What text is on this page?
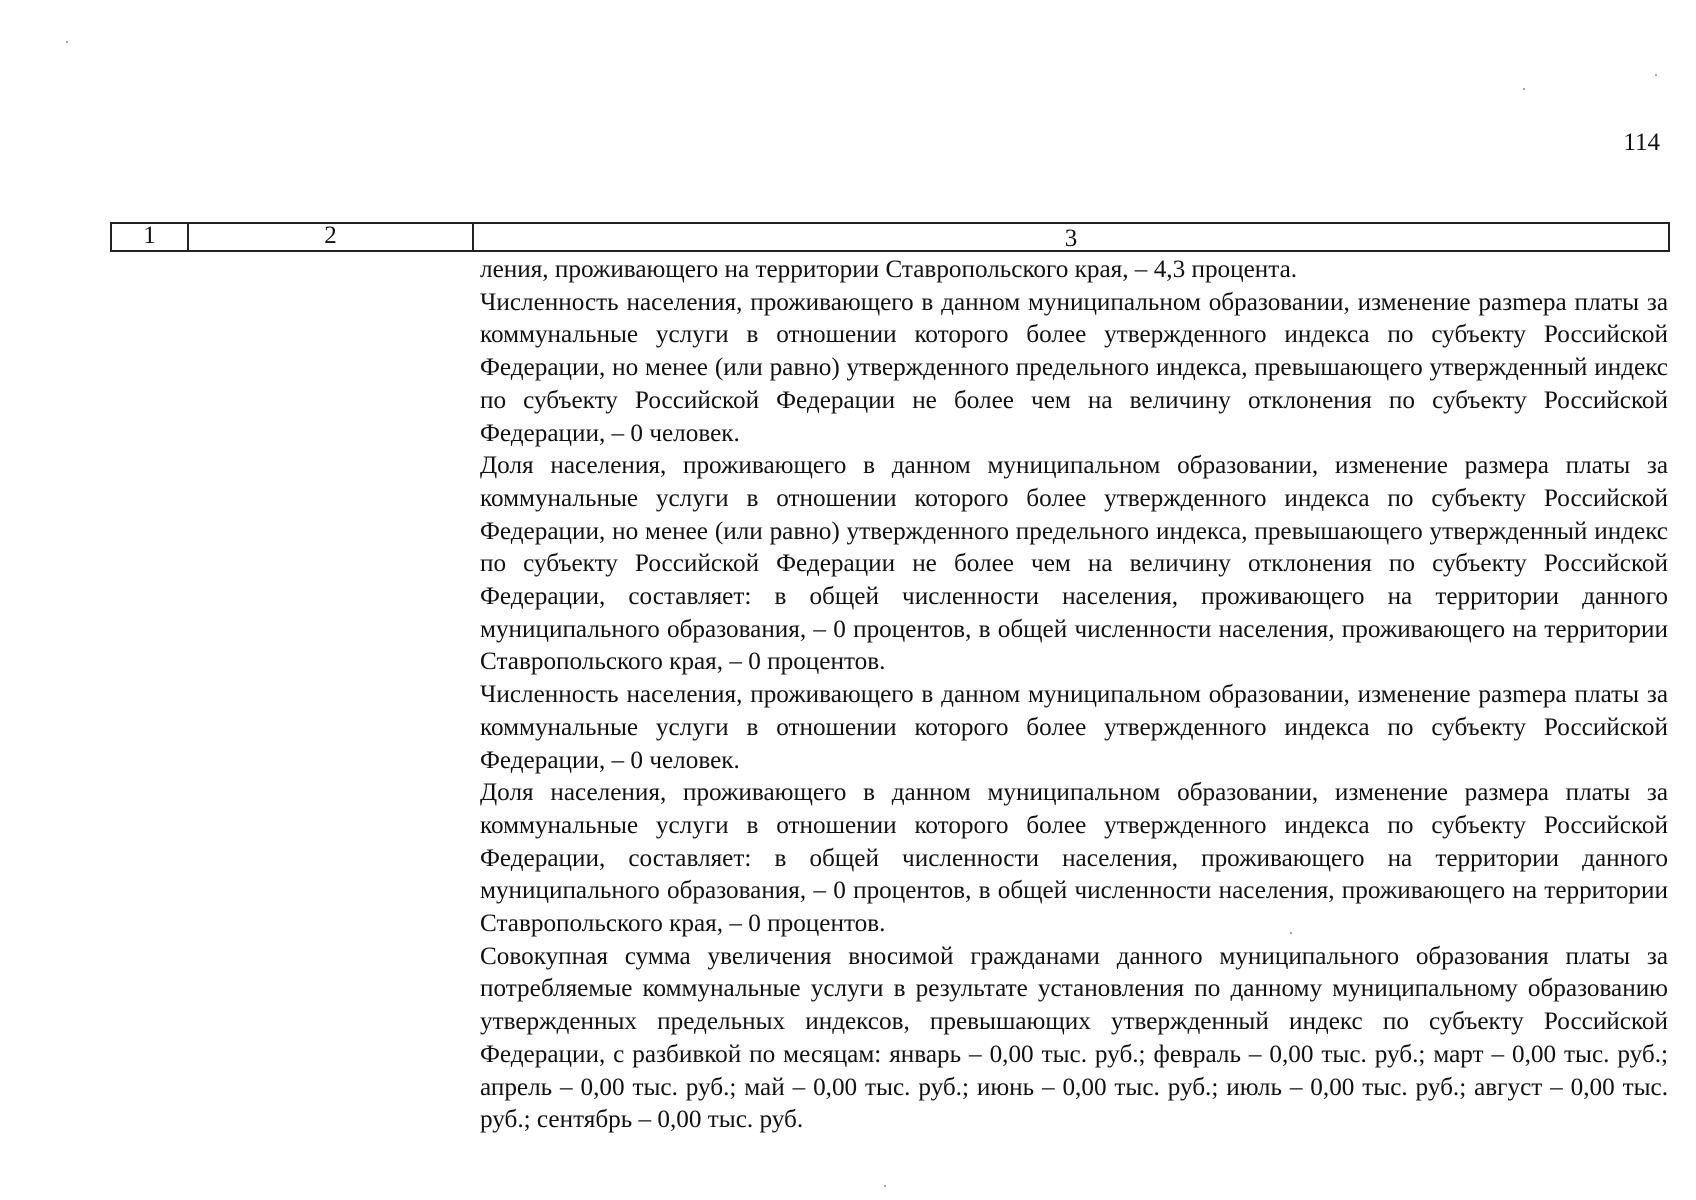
114
1	2	3

ления, проживающего на территории Ставропольского края, – 4,3 процента.

Численность населения, проживающего в данном муниципальном образовании, изменение разmера платы за коммунальные услуги в отношении которого более утвержденного индекса по субъекту Российской Федерации, но менее (или равно) утвержденного предельного индекса, превышающего утвержденный индекс по субъекту Российской Федерации не более чем на величину отклонения по субъекту Российской Федерации, – 0 человек.

Доля населения, проживающего в данном муниципальном образовании, изменение размера платы за коммунальные услуги в отношении которого более утвержденного индекса по субъекту Российской Федерации, но менее (или равно) утвержденного предельного индекса, превышающего утвержденный индекс по субъекту Российской Федерации не более чем на величину отклонения по субъекту Российской Федерации, составляет: в общей численности населения, проживающего на территории данного муниципального образования, – 0 процентов, в общей численности населения, проживающего на территории Ставропольского края, – 0 процентов.

Численность населения, проживающего в данном муниципальном образовании, изменение разmера платы за коммунальные услуги в отношении которого более утвержденного индекса по субъекту Российской Федерации, – 0 человек.

Доля населения, проживающего в данном муниципальном образовании, изменение размера платы за коммунальные услуги в отношении которого более утвержденного индекса по субъекту Российской Федерации, составляет: в общей численности населения, проживающего на территории данного муниципального образования, – 0 процентов, в общей численности населения, проживающего на территории Ставропольского края, – 0 процентов.

Совокупная сумма увеличения вносимой гражданами данного муниципального образования платы за потребляемые коммунальные услуги в результате установления по данному муниципальному образованию утвержденных предельных индексов, превышающих утвержденный индекс по субъекту Российской Федерации, с разбивкой по месяцам: январь – 0,00 тыс. руб.; февраль – 0,00 тыс. руб.; март – 0,00 тыс. руб.; апрель – 0,00 тыс. руб.; май – 0,00 тыс. руб.; июнь – 0,00 тыс. руб.; июль – 0,00 тыс. руб.; август – 0,00 тыс. руб.; сентябрь – 0,00 тыс. руб.
